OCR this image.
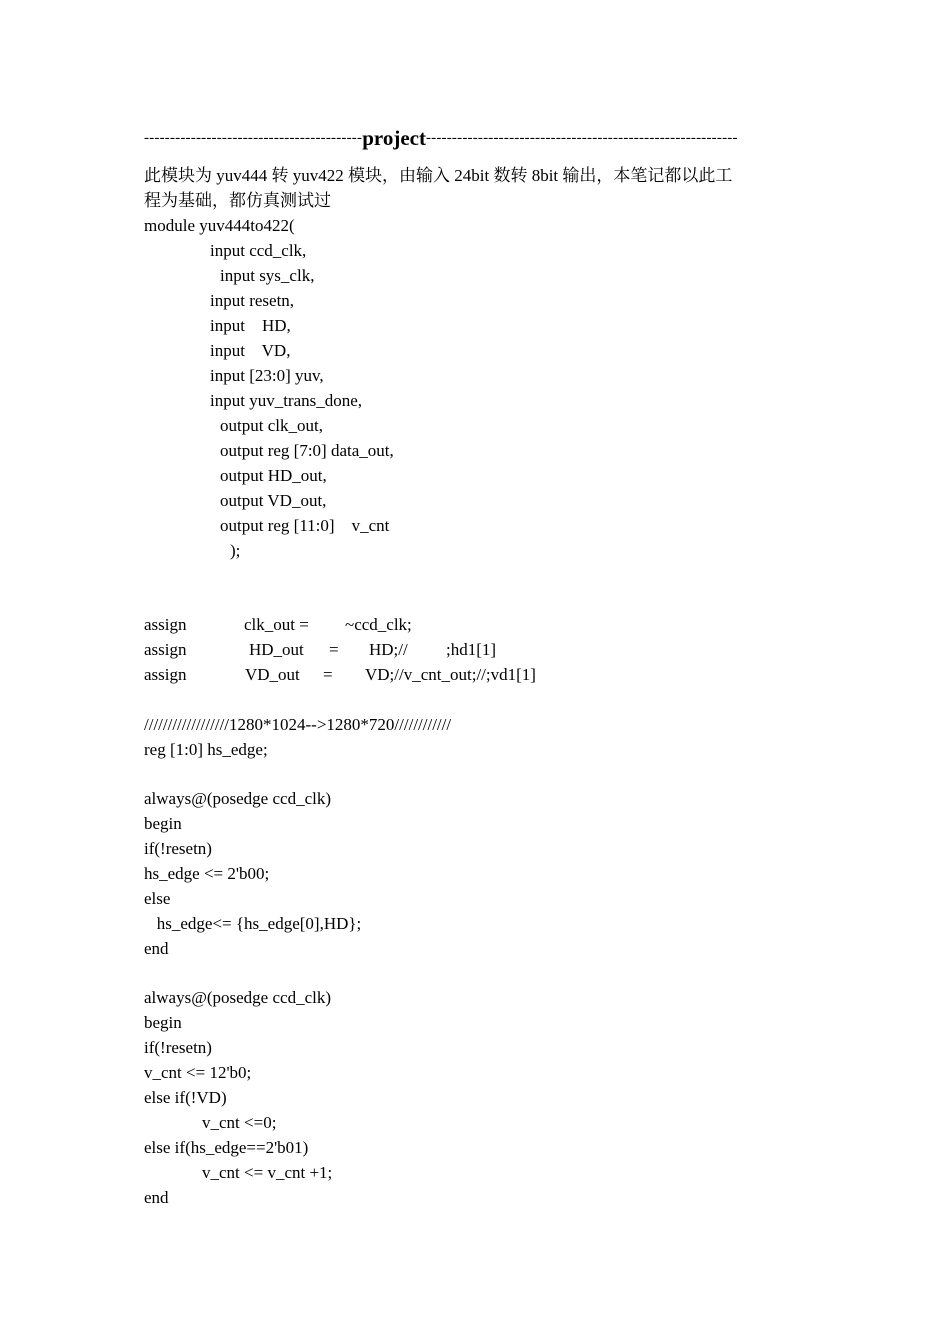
------------------------------------------project------------------------------------------------------------
此模块为 yuv444 转 yuv422 模块，由输入 24bit 数转 8bit 输出，本笔记都以此工
程为基础，都仿真测试过
module yuv444to422(
input ccd_clk,
input sys_clk,
input resetn,
input    HD,
input    VD,
input [23:0] yuv,
input yuv_trans_done,
output clk_out,
output reg [7:0] data_out,
output HD_out,
output VD_out,
output reg [11:0]    v_cnt
);

assign

	clk_out =

~ccd_clk;

assign

	HD_out

=

HD;//

;hd1[1]

assign

	VD_out

=

VD;//v_cnt_out;//;vd1[1]

//////////////////1280*1024-->1280*720////////////
reg [1:0] hs_edge;
always@(posedge ccd_clk)
begin
if(!resetn)
hs_edge <= 2'b00;
else
hs_edge<= {hs_edge[0],HD};
end
always@(posedge ccd_clk)
begin
if(!resetn)
v_cnt <= 12'b0;
else if(!VD)
v_cnt <=0;
else if(hs_edge==2'b01)
v_cnt <= v_cnt +1;
end
